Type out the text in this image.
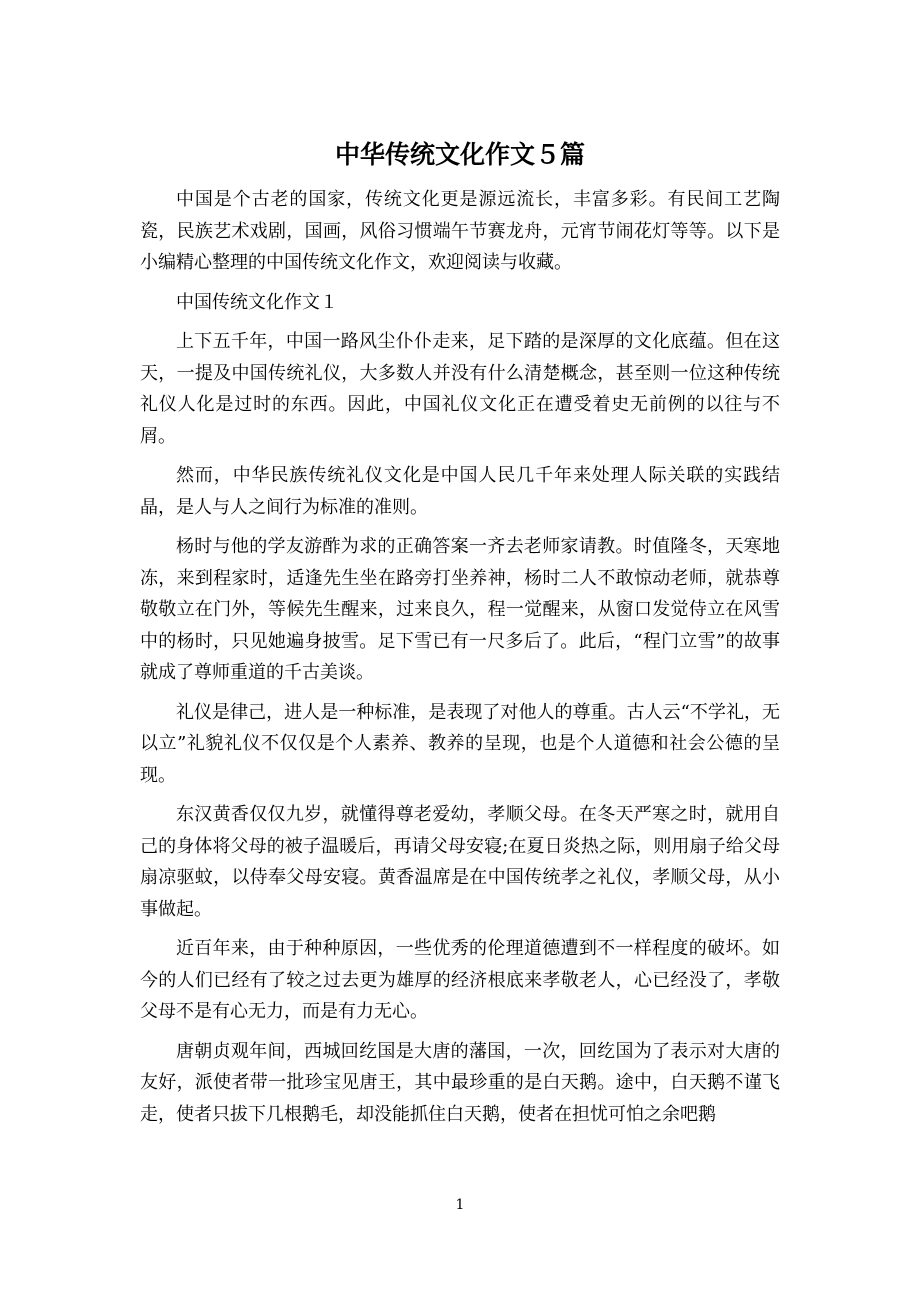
中华传统文化作文５篇

中国是个古老的国家，传统文化更是源远流长，丰富多彩。有民间工艺陶瓷，民族艺术戏剧，国画，风俗习惯端午节赛龙舟，元宵节闹花灯等等。以下是小编精心整理的中国传统文化作文，欢迎阅读与收藏。

中国传统文化作文１

上下五千年，中国一路风尘仆仆走来，足下踏的是深厚的文化底蕴。但在这天，一提及中国传统礼仪，大多数人并没有什么清楚概念，甚至则一位这种传统礼仪人化是过时的东西。因此，中国礼仪文化正在遭受着史无前例的以往与不屑。

然而，中华民族传统礼仪文化是中国人民几千年来处理人际关联的实践结晶，是人与人之间行为标准的准则。

杨时与他的学友游酢为求的正确答案一齐去老师家请教。时值隆冬，天寒地冻，来到程家时，适逢先生坐在路旁打坐养神，杨时二人不敢惊动老师，就恭尊敬敬立在门外，等候先生醒来，过来良久，程一觉醒来，从窗口发觉侍立在风雪中的杨时，只见她遍身披雪。足下雪已有一尺多后了。此后，“程门立雪”的故事就成了尊师重道的千古美谈。

礼仪是律己，进人是一种标准，是表现了对他人的尊重。古人云“不学礼，无以立”礼貌礼仪不仅仅是个人素养、教养的呈现，也是个人道德和社会公德的呈现。

东汉黄香仅仅九岁，就懂得尊老爱幼，孝顺父母。在冬天严寒之时，就用自己的身体将父母的被子温暖后，再请父母安寝;在夏日炎热之际，则用扇子给父母扇凉驱蚊，以侍奉父母安寝。黄香温席是在中国传统孝之礼仪，孝顺父母，从小事做起。

近百年来，由于种种原因，一些优秀的伦理道德遭到不一样程度的破坏。如今的人们已经有了较之过去更为雄厚的经济根底来孝敬老人，心已经没了，孝敬父母不是有心无力，而是有力无心。

唐朝贞观年间，西城回纥国是大唐的藩国，一次，回纥国为了表示对大唐的友好，派使者带一批珍宝见唐王，其中最珍重的是白天鹅。途中，白天鹅不谨飞走，使者只拔下几根鹅毛，却没能抓住白天鹅，使者在担忧可怕之余吧鹅

1
